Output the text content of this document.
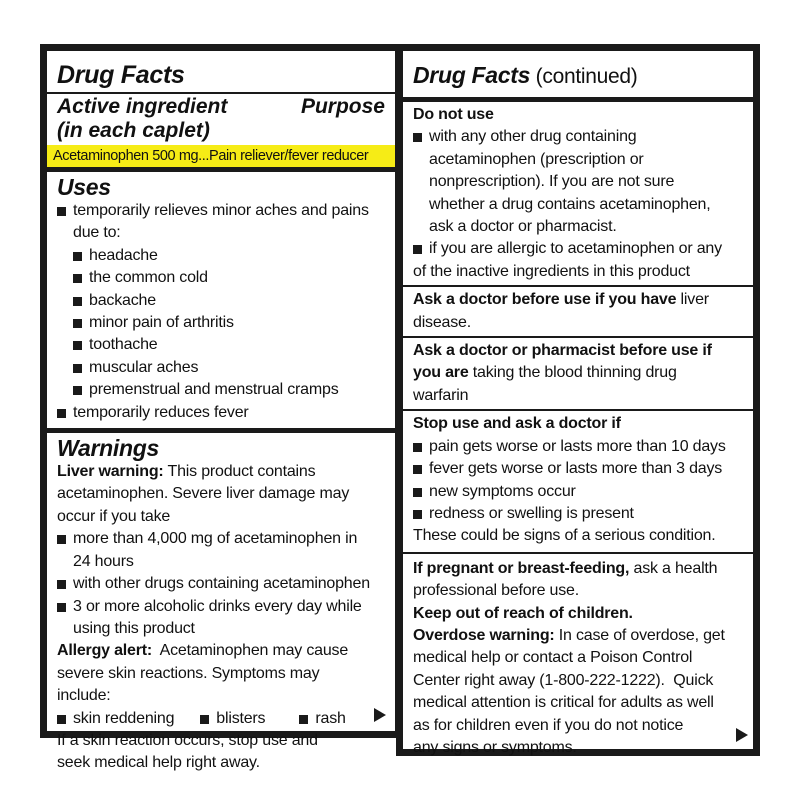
Drug Facts
Active ingredient	Purpose
(in each caplet)
Acetaminophen 500 mg...Pain reliever/fever reducer
Uses
temporarily relieves minor aches and pains
due to:
headache
the common cold
backache
minor pain of arthritis
toothache
muscular aches
premenstrual and menstrual cramps
temporarily reduces fever
Warnings
Liver warning: This product contains
acetaminophen. Severe liver damage may
occur if you take
more than 4,000 mg of acetaminophen in
24 hours
with other drugs containing acetaminophen
3 or more alcoholic drinks every day while
using this product
Allergy alert:  Acetaminophen may cause
severe skin reactions. Symptoms may
include:
skin reddening	blisters	rash
If a skin reaction occurs, stop use and
seek medical help right away.
Drug Facts (continued)
Do not use
with any other drug containing
acetaminophen (prescription or
nonprescription). If you are not sure
whether a drug contains acetaminophen,
ask a doctor or pharmacist.
if you are allergic to acetaminophen or any
of the inactive ingredients in this product
Ask a doctor before use if you have liver
disease.
Ask a doctor or pharmacist before use if
you are taking the blood thinning drug
warfarin
Stop use and ask a doctor if
pain gets worse or lasts more than 10 days
fever gets worse or lasts more than 3 days
new symptoms occur
redness or swelling is present
These could be signs of a serious condition.
If pregnant or breast-feeding, ask a health
professional before use.
Keep out of reach of children.
Overdose warning: In case of overdose, get
medical help or contact a Poison Control
Center right away (1-800-222-1222).  Quick
medical attention is critical for adults as well
as for children even if you do not notice
any signs or symptoms.
